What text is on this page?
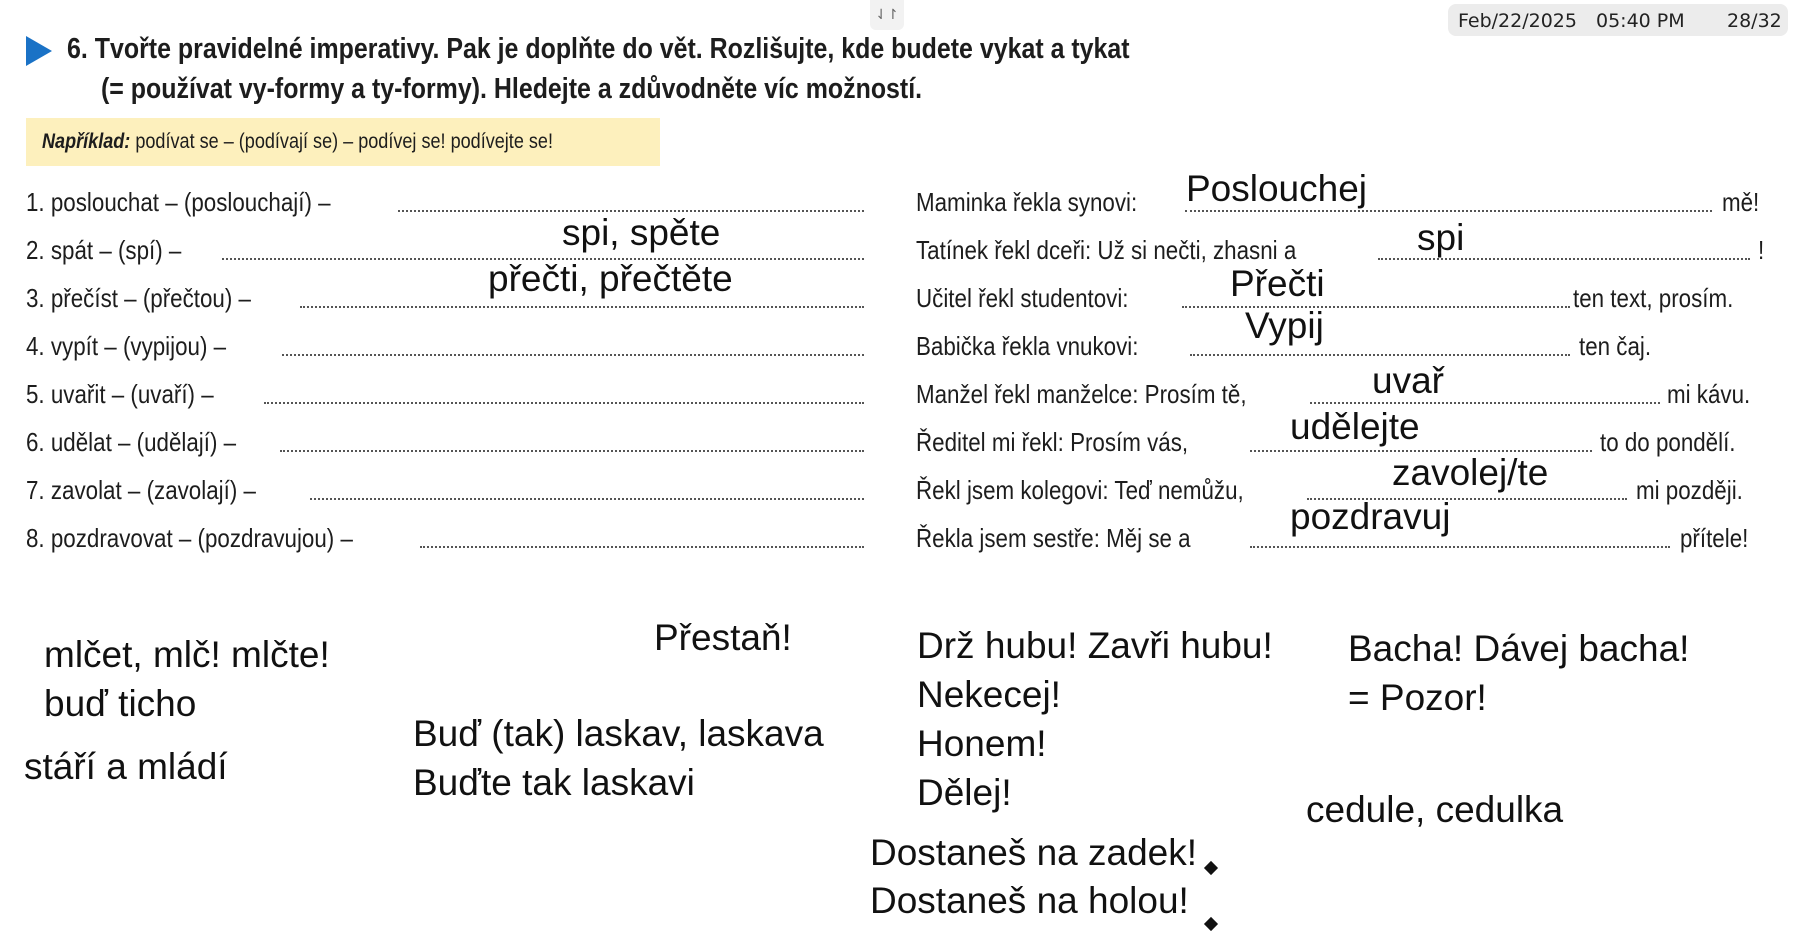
⇃↾	Feb/22/2025 05:40 PM 28/32
6. Tvořte pravidelné imperativy. Pak je doplňte do vět. Rozlišujte, kde budete vykat a tykat
(= používat vy-formy a ty-formy). Hledejte a zdůvodněte víc možností.
Například: podívat se – (podívají se) – podívej se! podívejte se!
1. poslouchat – (poslouchají) –
2. spát – (spí) –
3. přečíst – (přečtou) –
4. vypít – (vypijou) –
5. uvařit – (uvaří) –
6. udělat – (udělají) –
7. zavolat – (zavolají) –
8. pozdravovat – (pozdravujou) –
Maminka řekla synovi:
Tatínek řekl dceři: Už si nečti, zhasni a
Učitel řekl studentovi:
Babička řekla vnukovi:
Manžel řekl manželce: Prosím tě,
Ředitel mi řekl: Prosím vás,
Řekl jsem kolegovi: Teď nemůžu,
Řekla jsem sestře: Měj se a
mě!
!
ten text, prosím.
ten čaj.
mi kávu.
to do pondělí.
mi později.
přítele!
spi, spěte
přečti, přečtěte
Poslouchej
spi
Přečti
Vypij
uvař
udělejte
zavolej/te
pozdravuj
mlčet, mlč! mlčte!
buď ticho
stáří a mládí
Přestaň!
Buď (tak) laskav, laskava
Buďte tak laskavi
Drž hubu! Zavři hubu!
Nekecej!
Honem!
Dělej!
Dostaneš na zadek!
Dostaneš na holou!
Bacha! Dávej bacha!
= Pozor!
cedule, cedulka
